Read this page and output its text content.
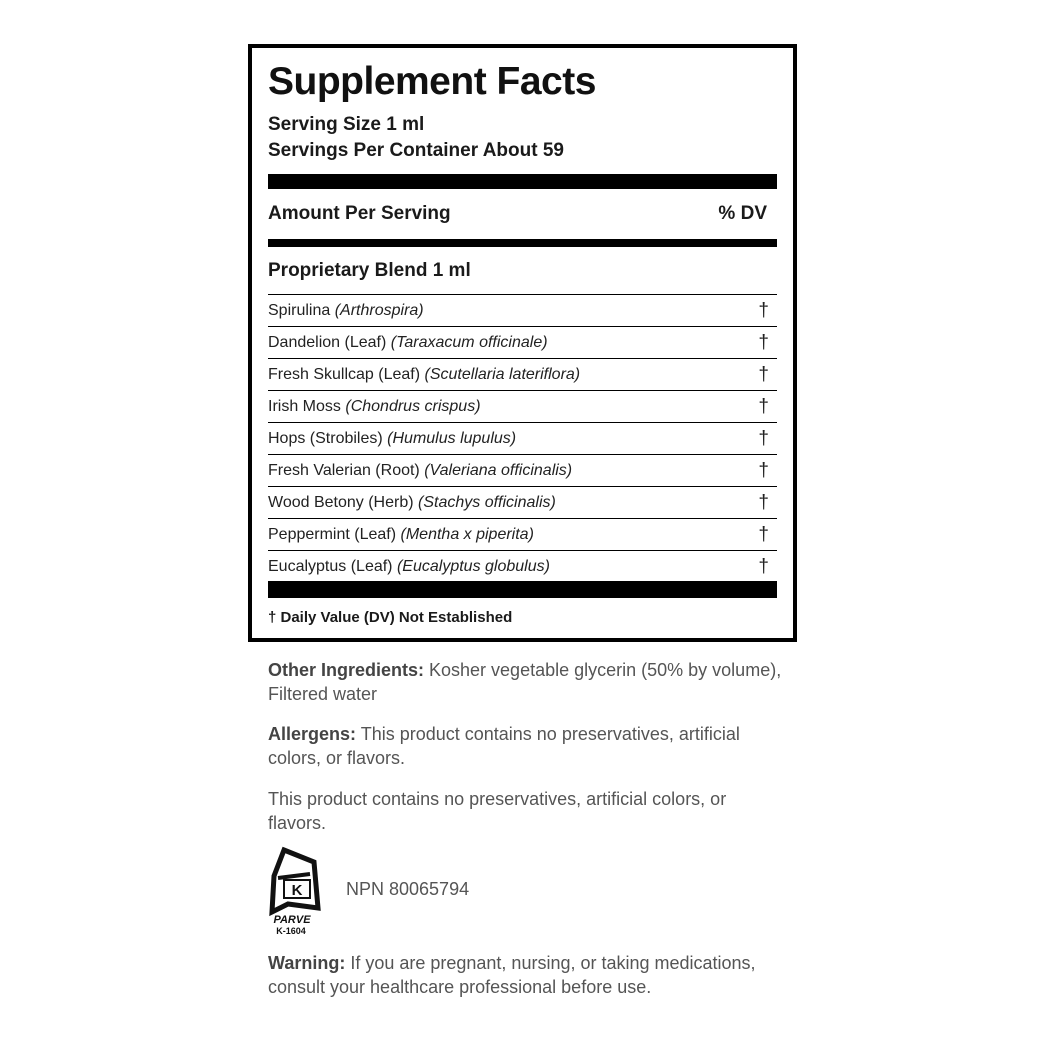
Supplement Facts
Serving Size 1 ml
Servings Per Container About 59
Amount Per Serving	% DV
Proprietary Blend 1 ml
Spirulina (Arthrospira)	†
Dandelion (Leaf) (Taraxacum officinale)	†
Fresh Skullcap (Leaf) (Scutellaria lateriflora)	†
Irish Moss (Chondrus crispus)	†
Hops (Strobiles) (Humulus lupulus)	†
Fresh Valerian (Root) (Valeriana officinalis)	†
Wood Betony (Herb) (Stachys officinalis)	†
Peppermint (Leaf) (Mentha x piperita)	†
Eucalyptus (Leaf) (Eucalyptus globulus)	†
† Daily Value (DV) Not Established
Other Ingredients: Kosher vegetable glycerin (50% by volume), Filtered water
Allergens: This product contains no preservatives, artificial colors, or flavors.
This product contains no preservatives, artificial colors, or flavors.
K
PARVE
K-1604
NPN 80065794
Warning: If you are pregnant, nursing, or taking medications, consult your healthcare professional before use.
